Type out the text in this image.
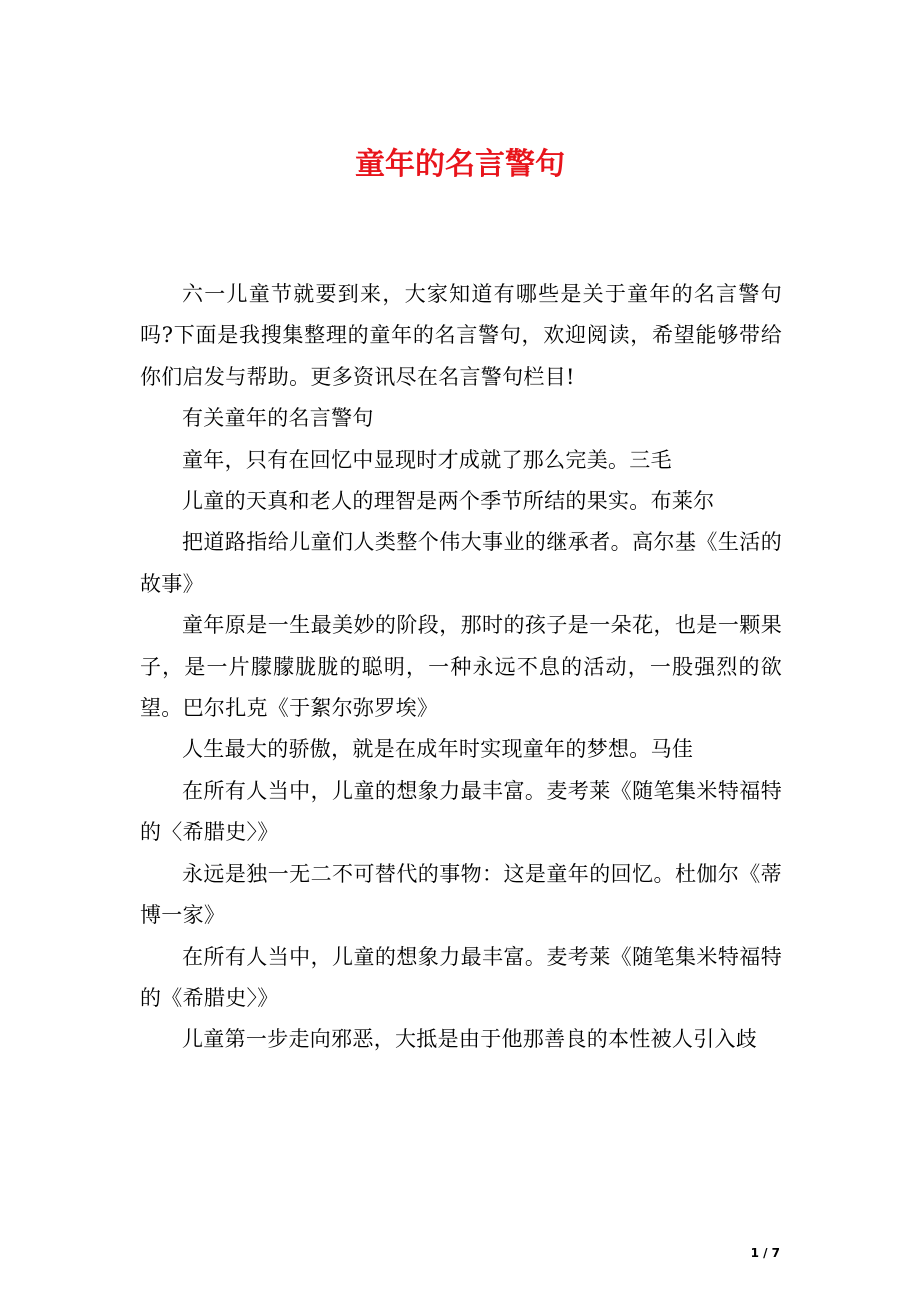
童年的名言警句

六一儿童节就要到来，大家知道有哪些是关于童年的名言警句吗?下面是我搜集整理的童年的名言警句，欢迎阅读，希望能够带给你们启发与帮助。更多资讯尽在名言警句栏目!

有关童年的名言警句

童年，只有在回忆中显现时才成就了那么完美。三毛

儿童的天真和老人的理智是两个季节所结的果实。布莱尔

把道路指给儿童们人类整个伟大事业的继承者。高尔基《生活的故事》

童年原是一生最美妙的阶段，那时的孩子是一朵花，也是一颗果子，是一片朦朦胧胧的聪明，一种永远不息的活动，一股强烈的欲望。巴尔扎克《于絮尔弥罗埃》

人生最大的骄傲，就是在成年时实现童年的梦想。马佳

在所有人当中，儿童的想象力最丰富。麦考莱《随笔集米特福特的〈希腊史〉》

永远是独一无二不可替代的事物：这是童年的回忆。杜伽尔《蒂博一家》

在所有人当中，儿童的想象力最丰富。麦考莱《随笔集米特福特的《希腊史〉》

儿童第一步走向邪恶，大抵是由于他那善良的本性被人引入歧

1 / 7
